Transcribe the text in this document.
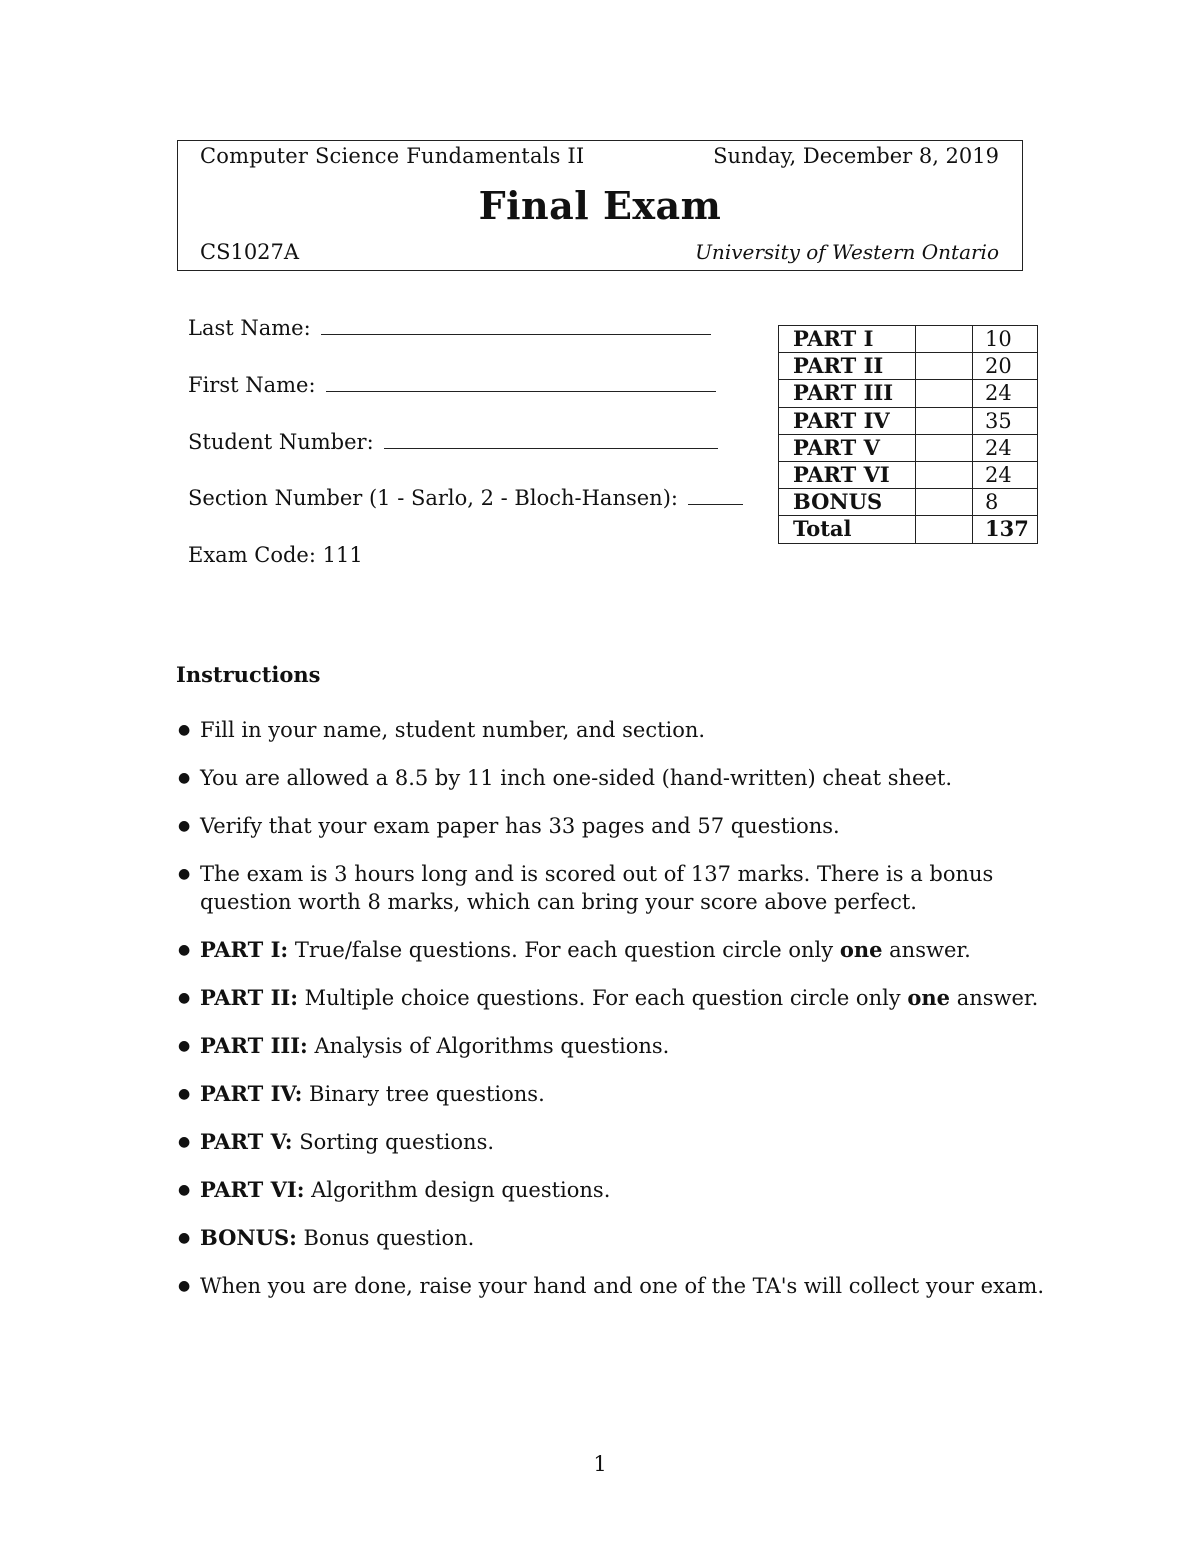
Computer Science Fundamentals II	Sunday, December 8, 2019
Final Exam
CS1027A	University of Western Ontario
Last Name:
First Name:
Student Number:
Section Number (1 - Sarlo, 2 - Bloch-Hansen):
Exam Code: 111
PART I		10
PART II		20
PART III		24
PART IV		35
PART V		24
PART VI		24
BONUS		8
Total		137
Instructions
● Fill in your name, student number, and section.
● You are allowed a 8.5 by 11 inch one-sided (hand-written) cheat sheet.
● Verify that your exam paper has 33 pages and 57 questions.
● The exam is 3 hours long and is scored out of 137 marks. There is a bonus question worth 8 marks, which can bring your score above perfect.
● PART I: True/false questions. For each question circle only one answer.
● PART II: Multiple choice questions. For each question circle only one answer.
● PART III: Analysis of Algorithms questions.
● PART IV: Binary tree questions.
● PART V: Sorting questions.
● PART VI: Algorithm design questions.
● BONUS: Bonus question.
● When you are done, raise your hand and one of the TA's will collect your exam.
1
